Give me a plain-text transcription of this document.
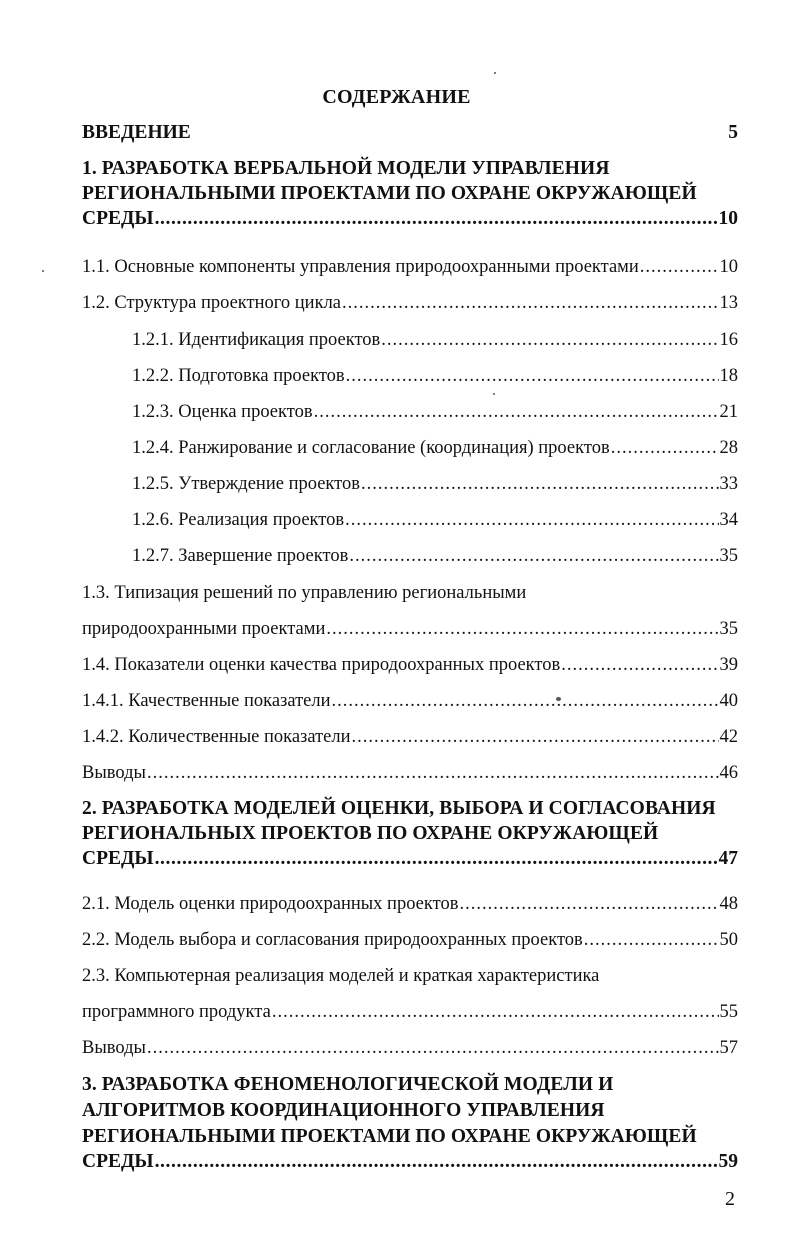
СОДЕРЖАНИЕ
ВВЕДЕНИЕ	5
1. РАЗРАБОТКА ВЕРБАЛЬНОЙ МОДЕЛИ УПРАВЛЕНИЯ
РЕГИОНАЛЬНЫМИ ПРОЕКТАМИ ПО ОХРАНЕ ОКРУЖАЮЩЕЙ
СРЕДЫ .....	10
1.1. Основные компоненты управления природоохранными проектами .....	10
1.2. Структура проектного цикла .....	13
1.2.1. Идентификация проектов .....	16
1.2.2. Подготовка проектов .....	18
1.2.3. Оценка проектов .....	21
1.2.4. Ранжирование и согласование (координация) проектов .....	28
1.2.5. Утверждение проектов .....	33
1.2.6. Реализация проектов .....	34
1.2.7. Завершение проектов .....	35
1.3. Типизация решений по управлению региональными
природоохранными проектами .....	35
1.4. Показатели оценки качества природоохранных проектов .....	39
1.4.1. Качественные показатели .....	40
1.4.2. Количественные показатели .....	42
Выводы .....	46
2. РАЗРАБОТКА МОДЕЛЕЙ ОЦЕНКИ, ВЫБОРА И СОГЛАСОВАНИЯ
РЕГИОНАЛЬНЫХ ПРОЕКТОВ ПО ОХРАНЕ ОКРУЖАЮЩЕЙ
СРЕДЫ .....	47
2.1. Модель оценки природоохранных проектов .....	48
2.2. Модель выбора и согласования природоохранных проектов .....	50
2.3. Компьютерная реализация моделей и краткая характеристика
программного продукта .....	55
Выводы .....	57
3. РАЗРАБОТКА ФЕНОМЕНОЛОГИЧЕСКОЙ МОДЕЛИ И
АЛГОРИТМОВ КООРДИНАЦИОННОГО УПРАВЛЕНИЯ
РЕГИОНАЛЬНЫМИ ПРОЕКТАМИ ПО ОХРАНЕ ОКРУЖАЮЩЕЙ
СРЕДЫ .....	59
2
